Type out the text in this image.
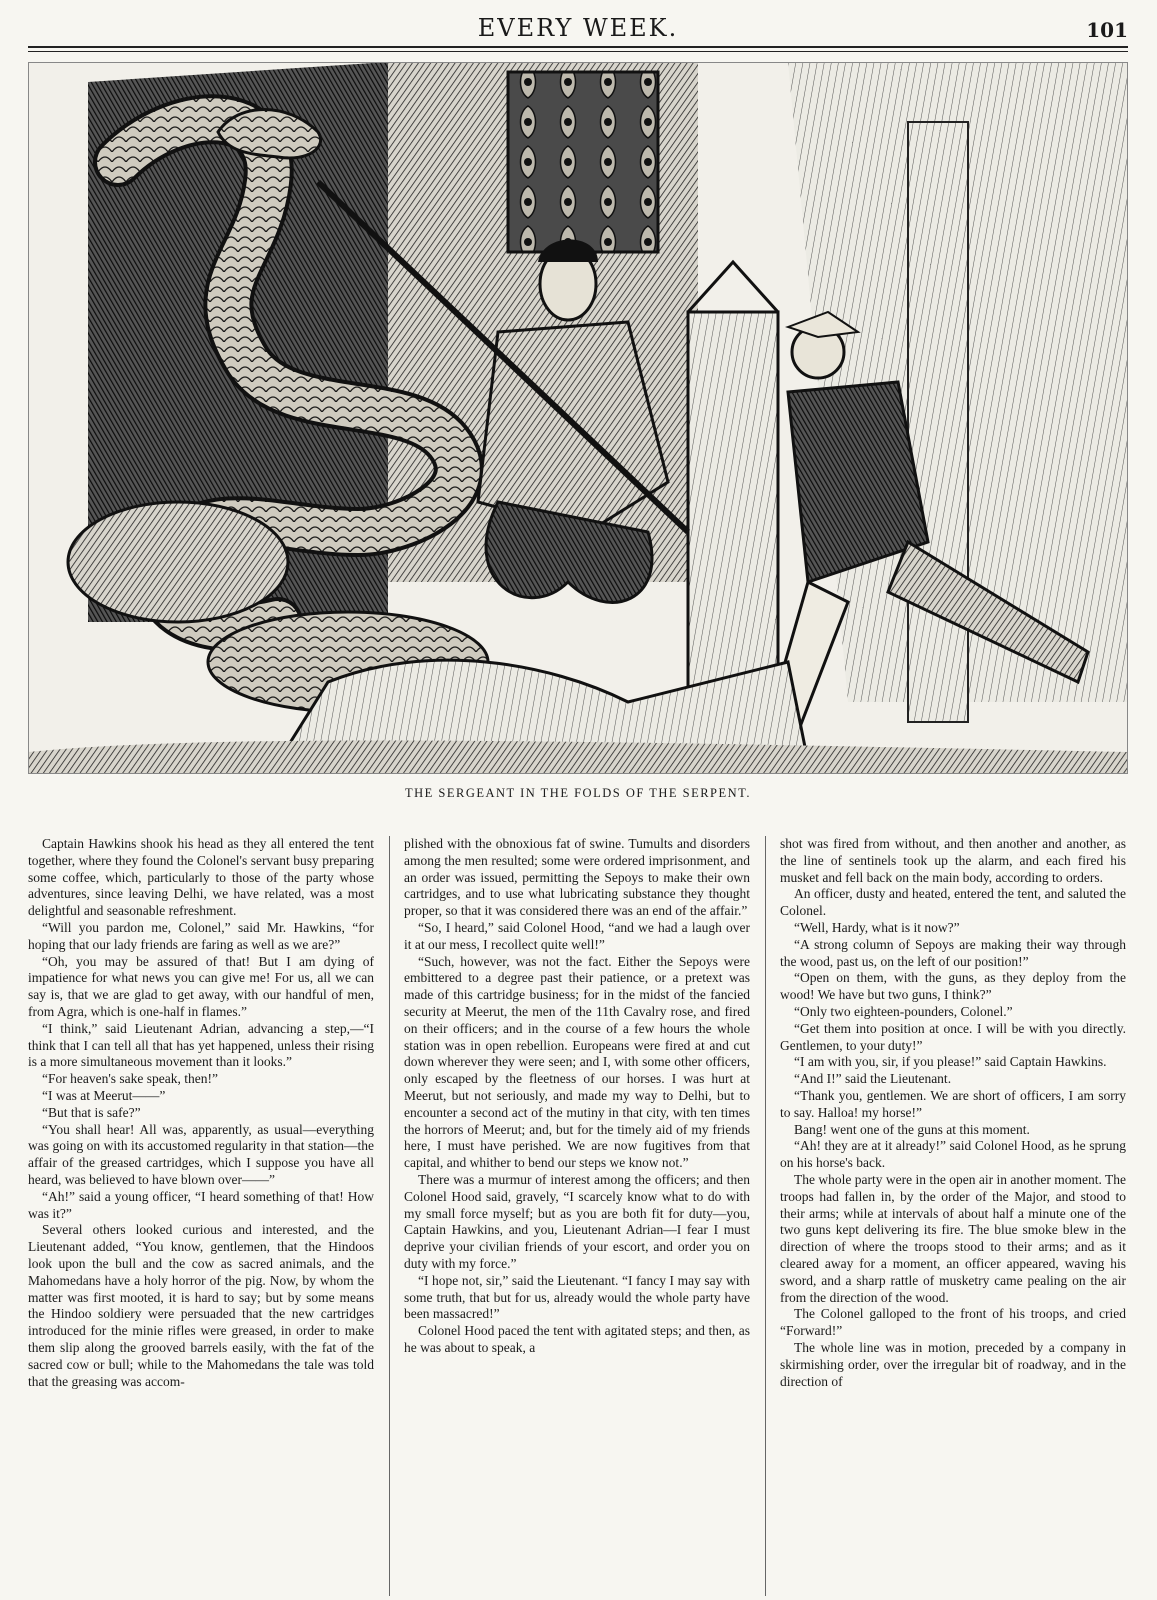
EVERY WEEK.	101
THE SERGEANT IN THE FOLDS OF THE SERPENT.

Captain Hawkins shook his head as they all entered the tent together, where they found the Colonel's servant busy preparing some coffee, which, particularly to those of the party whose adventures, since leaving Delhi, we have related, was a most delightful and seasonable refreshment.

“Will you pardon me, Colonel,” said Mr. Hawkins, “for hoping that our lady friends are faring as well as we are?”

“Oh, you may be assured of that! But I am dying of impatience for what news you can give me! For us, all we can say is, that we are glad to get away, with our handful of men, from Agra, which is one-half in flames.”

“I think,” said Lieutenant Adrian, advancing a step,—“I think that I can tell all that has yet happened, unless their rising is a more simultaneous movement than it looks.”

“For heaven's sake speak, then!”

“I was at Meerut——”

“But that is safe?”

“You shall hear! All was, apparently, as usual—everything was going on with its accustomed regularity in that station—the affair of the greased cartridges, which I suppose you have all heard, was believed to have blown over——”

“Ah!” said a young officer, “I heard something of that! How was it?”

Several others looked curious and interested, and the Lieutenant added, “You know, gentlemen, that the Hindoos look upon the bull and the cow as sacred animals, and the Mahomedans have a holy horror of the pig. Now, by whom the matter was first mooted, it is hard to say; but by some means the Hindoo soldiery were persuaded that the new cartridges introduced for the minie rifles were greased, in order to make them slip along the grooved barrels easily, with the fat of the sacred cow or bull; while to the Mahomedans the tale was told that the greasing was accom-

plished with the obnoxious fat of swine. Tumults and disorders among the men resulted; some were ordered imprisonment, and an order was issued, permitting the Sepoys to make their own cartridges, and to use what lubricating substance they thought proper, so that it was considered there was an end of the affair.”

“So, I heard,” said Colonel Hood, “and we had a laugh over it at our mess, I recollect quite well!”

“Such, however, was not the fact. Either the Sepoys were embittered to a degree past their patience, or a pretext was made of this cartridge business; for in the midst of the fancied security at Meerut, the men of the 11th Cavalry rose, and fired on their officers; and in the course of a few hours the whole station was in open rebellion. Europeans were fired at and cut down wherever they were seen; and I, with some other officers, only escaped by the fleetness of our horses. I was hurt at Meerut, but not seriously, and made my way to Delhi, but to encounter a second act of the mutiny in that city, with ten times the horrors of Meerut; and, but for the timely aid of my friends here, I must have perished. We are now fugitives from that capital, and whither to bend our steps we know not.”

There was a murmur of interest among the officers; and then Colonel Hood said, gravely, “I scarcely know what to do with my small force myself; but as you are both fit for duty—you, Captain Hawkins, and you, Lieutenant Adrian—I fear I must deprive your civilian friends of your escort, and order you on duty with my force.”

“I hope not, sir,” said the Lieutenant. “I fancy I may say with some truth, that but for us, already would the whole party have been massacred!”

Colonel Hood paced the tent with agitated steps; and then, as he was about to speak, a

shot was fired from without, and then another and another, as the line of sentinels took up the alarm, and each fired his musket and fell back on the main body, according to orders.

An officer, dusty and heated, entered the tent, and saluted the Colonel.

“Well, Hardy, what is it now?”

“A strong column of Sepoys are making their way through the wood, past us, on the left of our position!”

“Open on them, with the guns, as they deploy from the wood! We have but two guns, I think?”

“Only two eighteen-pounders, Colonel.”

“Get them into position at once. I will be with you directly. Gentlemen, to your duty!”

“I am with you, sir, if you please!” said Captain Hawkins.

“And I!” said the Lieutenant.

“Thank you, gentlemen. We are short of officers, I am sorry to say. Halloa! my horse!”

Bang! went one of the guns at this moment.

“Ah! they are at it already!” said Colonel Hood, as he sprung on his horse's back.

The whole party were in the open air in another moment. The troops had fallen in, by the order of the Major, and stood to their arms; while at intervals of about half a minute one of the two guns kept delivering its fire. The blue smoke blew in the direction of where the troops stood to their arms; and as it cleared away for a moment, an officer appeared, waving his sword, and a sharp rattle of musketry came pealing on the air from the direction of the wood.

The Colonel galloped to the front of his troops, and cried “Forward!”

The whole line was in motion, preceded by a company in skirmishing order, over the irregular bit of roadway, and in the direction of
